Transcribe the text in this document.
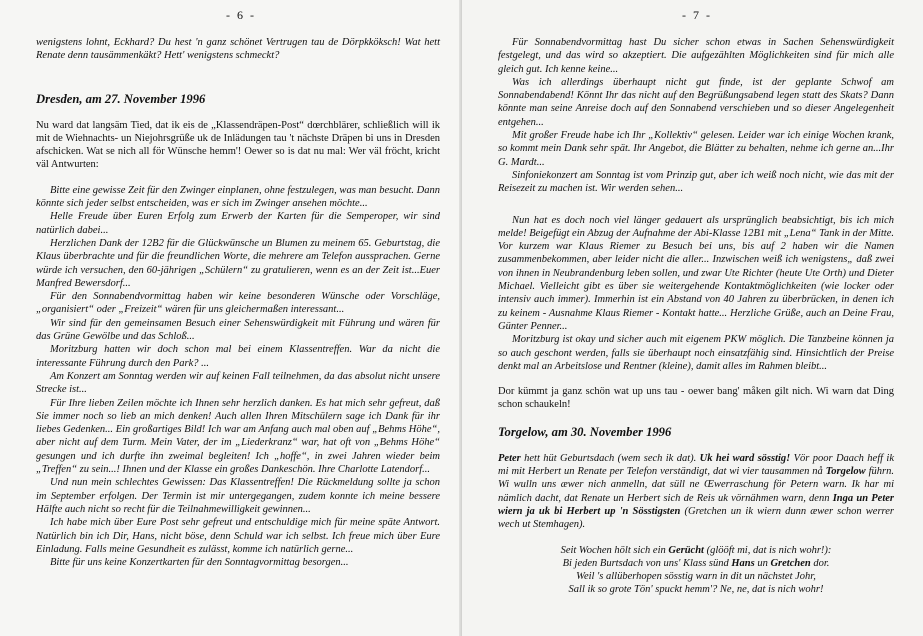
- 6 -

wenigstens lohnt, Eckhard? Du hest 'n ganz schönet Vertrugen tau de Dörpkköksch! Wat hett Renate denn tausämmenkäkt? Hett' wenigstens schmeckt?

Dresden, am 27. November 1996

Nu ward dat langsäm Tied, dat ik eis de „Klassendräpen-Post“ dœrchblärer, schließlich will ik mit de Wiehnachts- un Niejohrsgrüße uk de Inlädungen tau 't nächste Dräpen bi uns in Dresden afschicken. Wat se nich all för Wünsche hemm'! Oewer so is dat nu mal: Wer väl fröcht, kricht väl Antwurten:

Bitte eine gewisse Zeit für den Zwinger einplanen, ohne festzulegen, was man besucht. Dann könnte sich jeder selbst entscheiden, was er sich im Zwinger ansehen möchte...

Helle Freude über Euren Erfolg zum Erwerb der Karten für die Semperoper, wir sind natürlich dabei...

Herzlichen Dank der 12B2 für die Glückwünsche un Blumen zu meinem 65. Geburtstag, die Klaus überbrachte und für die freundlichen Worte, die mehrere am Telefon aussprachen. Gerne würde ich versuchen, den 60-jährigen „Schülern“ zu gratulieren, wenn es an der Zeit ist...Euer Manfred Bewersdorf...

Für den Sonnabendvormittag haben wir keine besonderen Wünsche oder Vorschläge, „organisiert“ oder „Freizeit“ wären für uns gleichermaßen interessant...

Wir sind für den gemeinsamen Besuch einer Sehenswürdigkeit mit Führung und wären für das Grüne Gewölbe und das Schloß...

Moritzburg hatten wir doch schon mal bei einem Klassentreffen. War da nicht die interessante Führung durch den Park? ...

Am Konzert am Sonntag werden wir auf keinen Fall teilnehmen, da das absolut nicht unsere Strecke ist...

Für Ihre lieben Zeilen möchte ich Ihnen sehr herzlich danken. Es hat mich sehr gefreut, daß Sie immer noch so lieb an mich denken! Auch allen Ihren Mitschülern sage ich Dank für ihr liebes Gedenken... Ein großartiges Bild! Ich war am Anfang auch mal oben auf „Behms Höhe“, aber nicht auf dem Turm. Mein Vater, der im „Liederkranz“ war, hat oft von „Behms Höhe“ gesungen und ich durfte ihn zweimal begleiten! Ich „hoffe“, in zwei Jahren wieder beim „Treffen“ zu sein...! Ihnen und der Klasse ein großes Dankeschön. Ihre Charlotte Latendorf...

Und nun mein schlechtes Gewissen: Das Klassentreffen! Die Rückmeldung sollte ja schon im September erfolgen. Der Termin ist mir untergegangen, zudem konnte ich meine bessere Hälfte auch nicht so recht für die Teilnahmewilligkeit gewinnen...

Ich habe mich über Eure Post sehr gefreut und entschuldige mich für meine späte Antwort. Natürlich bin ich Dir, Hans, nicht böse, denn Schuld war ich selbst. Ich freue mich über Eure Einladung. Falls meine Gesundheit es zulässt, komme ich natürlich gerne...

Bitte für uns keine Konzertkarten für den Sonntagvormittag besorgen...

- 7 -

Für Sonnabendvormittag hast Du sicher schon etwas in Sachen Sehenswürdigkeit festgelegt, und das wird so akzeptiert. Die aufgezählten Möglichkeiten sind für mich alle gleich gut. Ich kenne keine...

Was ich allerdings überhaupt nicht gut finde, ist der geplante Schwof am Sonnabendabend! Könnt Ihr das nicht auf den Begrüßungsabend legen statt des Skats? Dann könnte man seine Anreise doch auf den Sonnabend verschieben und so dieser Angelegenheit entgehen...

Mit großer Freude habe ich Ihr „Kollektiv“ gelesen. Leider war ich einige Wochen krank, so kommt mein Dank sehr spät. Ihr Angebot, die Blätter zu behalten, nehme ich gerne an...Ihr G. Mardt...

Sinfoniekonzert am Sonntag ist vom Prinzip gut, aber ich weiß noch nicht, wie das mit der Reisezeit zu machen ist. Wir werden sehen...

Nun hat es doch noch viel länger gedauert als ursprünglich beabsichtigt, bis ich mich melde! Beigefügt ein Abzug der Aufnahme der Abi-Klasse 12B1 mit „Lena“ Tank in der Mitte. Vor kurzem war Klaus Riemer zu Besuch bei uns, bis auf 2 haben wir die Namen zusammenbekommen, aber leider nicht die aller... Inzwischen weiß ich wenigstens„ daß zwei von ihnen in Neubrandenburg leben sollen, und zwar Ute Richter (heute Ute Orth) und Dieter Michael. Vielleicht gibt es über sie weitergehende Kontaktmöglichkeiten (wie locker oder intensiv auch immer). Immerhin ist ein Abstand von 40 Jahren zu überbrücken, in denen ich zu keinem - Ausnahme Klaus Riemer - Kontakt hatte... Herzliche Grüße, auch an Deine Frau, Günter Penner...

Moritzburg ist okay und sicher auch mit eigenem PKW möglich. Die Tanzbeine können ja so auch geschont werden, falls sie überhaupt noch einsatzfähig sind. Hinsichtlich der Preise denkt mal an Arbeitslose und Rentner (kleine), damit alles im Rahmen bleibt...

Dor kümmt ja ganz schön wat up uns tau - oewer bang' måken gilt nich. Wi warn dat Ding schon schaukeln!

Torgelow, am 30. November 1996

Peter hett hüt Geburtsdach (wem sech ik dat). Uk hei ward sösstig! Vör poor Daach heff ik mi mit Herbert un Renate per Telefon verständigt, dat wi vier tausammen nå Torgelow führn. Wi wulln uns æwer nich anmelln, dat süll ne Œwerraschung för Petern warn. Ik har mi nämlich dacht, dat Renate un Herbert sich de Reis uk vörnähmen warn, denn Inga un Peter wiern ja uk bi Herbert up 'n Sösstigsten (Gretchen un ik wiern dunn æwer schon werrer wech ut Stemhagen).

Seit Wochen hölt sich ein Gerücht (glööft mi, dat is nich wohr!):

Bi jeden Burtsdach von uns' Klass sünd Hans un Gretchen dor.

Weil 's allüberhopen sösstig warn in dit un nächstet Johr,

Sall ik so grote Tön' spuckt hemm'? Ne, ne, dat is nich wohr!
